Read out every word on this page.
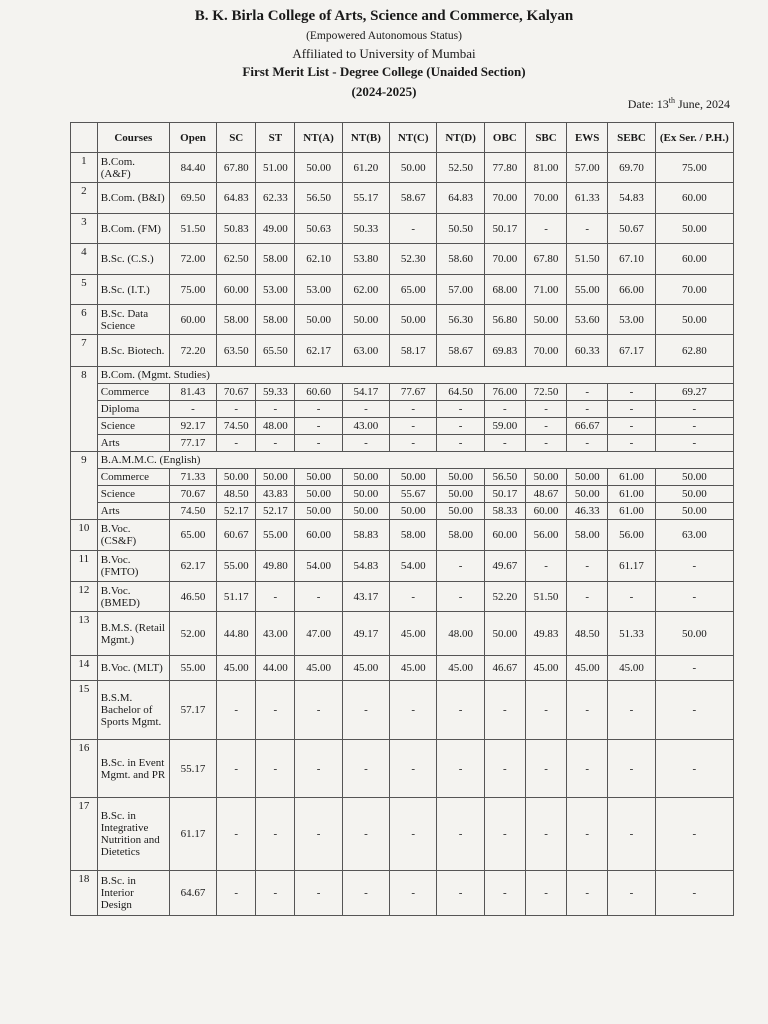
B. K. Birla College of Arts, Science and Commerce, Kalyan
(Empowered Autonomous Status)
Affiliated to University of Mumbai
First Merit List - Degree College (Unaided Section)
(2024-2025)
Date: 13th June, 2024
	Courses	Open	SC	ST	NT(A)	NT(B)	NT(C)	NT(D)	OBC	SBC	EWS	SEBC	(Ex Ser. / P.H.)
1	B.Com. (A&F)	84.40	67.80	51.00	50.00	61.20	50.00	52.50	77.80	81.00	57.00	69.70	75.00
2	B.Com. (B&I)	69.50	64.83	62.33	56.50	55.17	58.67	64.83	70.00	70.00	61.33	54.83	60.00
3	B.Com. (FM)	51.50	50.83	49.00	50.63	50.33	-	50.50	50.17	-	-	50.67	50.00
4	B.Sc. (C.S.)	72.00	62.50	58.00	62.10	53.80	52.30	58.60	70.00	67.80	51.50	67.10	60.00
5	B.Sc. (I.T.)	75.00	60.00	53.00	53.00	62.00	65.00	57.00	68.00	71.00	55.00	66.00	70.00
6	B.Sc. Data Science	60.00	58.00	58.00	50.00	50.00	50.00	56.30	56.80	50.00	53.60	53.00	50.00
7	B.Sc. Biotech.	72.20	63.50	65.50	62.17	63.00	58.17	58.67	69.83	70.00	60.33	67.17	62.80
8	B.Com. (Mgmt. Studies)												
	Commerce	81.43	70.67	59.33	60.60	54.17	77.67	64.50	76.00	72.50	-	-	69.27
	Diploma	-	-	-	-	-	-	-	-	-	-	-	-
	Science	92.17	74.50	48.00	-	43.00	-	-	59.00	-	66.67	-	-
	Arts	77.17	-	-	-	-	-	-	-	-	-	-	-
9	B.A.M.M.C. (English)												
	Commerce	71.33	50.00	50.00	50.00	50.00	50.00	50.00	56.50	50.00	50.00	61.00	50.00
	Science	70.67	48.50	43.83	50.00	50.00	55.67	50.00	50.17	48.67	50.00	61.00	50.00
	Arts	74.50	52.17	52.17	50.00	50.00	50.00	50.00	58.33	60.00	46.33	61.00	50.00
10	B.Voc. (CS&F)	65.00	60.67	55.00	60.00	58.83	58.00	58.00	60.00	56.00	58.00	56.00	63.00
11	B.Voc. (FMTO)	62.17	55.00	49.80	54.00	54.83	54.00	-	49.67	-	-	61.17	-
12	B.Voc. (BMED)	46.50	51.17	-	-	43.17	-	-	52.20	51.50	-	-	-
13	B.M.S. (Retail Mgmt.)	52.00	44.80	43.00	47.00	49.17	45.00	48.00	50.00	49.83	48.50	51.33	50.00
14	B.Voc. (MLT)	55.00	45.00	44.00	45.00	45.00	45.00	45.00	46.67	45.00	45.00	45.00	-
15	B.S.M. Bachelor of Sports Mgmt.	57.17	-	-	-	-	-	-	-	-	-	-	-
16	B.Sc. in Event Mgmt. and PR	55.17	-	-	-	-	-	-	-	-	-	-	-
17	B.Sc. in Integrative Nutrition and Dietetics	61.17	-	-	-	-	-	-	-	-	-	-	-
18	B.Sc. in Interior Design	64.67	-	-	-	-	-	-	-	-	-	-	-
